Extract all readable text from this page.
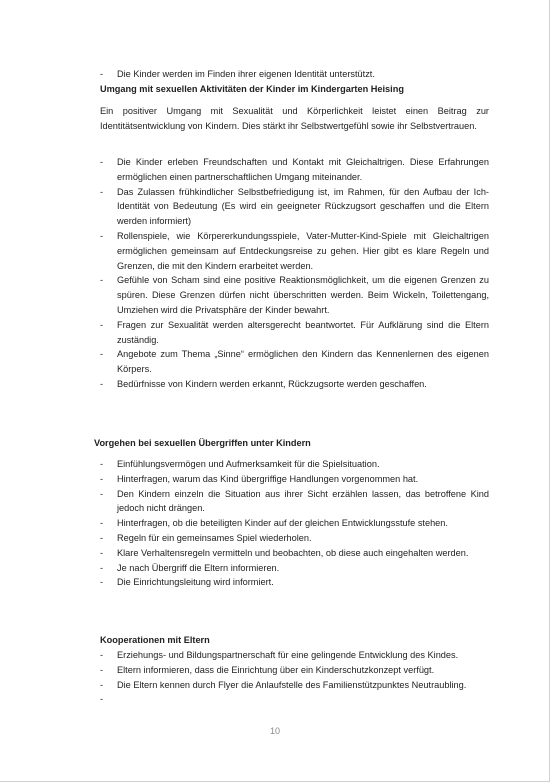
- Die Kinder werden im Finden ihrer eigenen Identität unterstützt.
Umgang mit sexuellen Aktivitäten der Kinder im Kindergarten Heising
Ein positiver Umgang mit Sexualität und Körperlichkeit leistet einen Beitrag zur Identitätsentwicklung von Kindern. Dies stärkt ihr Selbstwertgefühl sowie ihr Selbstvertrauen.
- Die Kinder erleben Freundschaften und Kontakt mit Gleichaltrigen. Diese Erfahrungen ermöglichen einen partnerschaftlichen Umgang miteinander.
- Das Zulassen frühkindlicher Selbstbefriedigung ist, im Rahmen, für den Aufbau der Ich-Identität von Bedeutung (Es wird ein geeigneter Rückzugsort geschaffen und die Eltern werden informiert)
- Rollenspiele, wie Körpererkundungsspiele, Vater-Mutter-Kind-Spiele mit Gleichaltrigen ermöglichen gemeinsam auf Entdeckungsreise zu gehen. Hier gibt es klare Regeln und Grenzen, die mit den Kindern erarbeitet werden.
- Gefühle von Scham sind eine positive Reaktionsmöglichkeit, um die eigenen Grenzen zu spüren. Diese Grenzen dürfen nicht überschritten werden. Beim Wickeln, Toilettengang, Umziehen wird die Privatsphäre der Kinder bewahrt.
- Fragen zur Sexualität werden altersgerecht beantwortet. Für Aufklärung sind die Eltern zuständig.
- Angebote zum Thema „Sinne“ ermöglichen den Kindern das Kennenlernen des eigenen Körpers.
- Bedürfnisse von Kindern werden erkannt, Rückzugsorte werden geschaffen.
Vorgehen bei sexuellen Übergriffen unter Kindern
- Einfühlungsvermögen und Aufmerksamkeit für die Spielsituation.
- Hinterfragen, warum das Kind übergriffige Handlungen vorgenommen hat.
- Den Kindern einzeln die Situation aus ihrer Sicht erzählen lassen, das betroffene Kind jedoch nicht drängen.
- Hinterfragen, ob die beteiligten Kinder auf der gleichen Entwicklungsstufe stehen.
- Regeln für ein gemeinsames Spiel wiederholen.
- Klare Verhaltensregeln vermitteln und beobachten, ob diese auch eingehalten werden.
- Je nach Übergriff die Eltern informieren.
- Die Einrichtungsleitung wird informiert.
Kooperationen mit Eltern
- Erziehungs- und Bildungspartnerschaft für eine gelingende Entwicklung des Kindes.
- Eltern informieren, dass die Einrichtung über ein Kinderschutzkonzept verfügt.
- Die Eltern kennen durch Flyer die Anlaufstelle des Familienstützpunktes Neutraubling.
-
10
